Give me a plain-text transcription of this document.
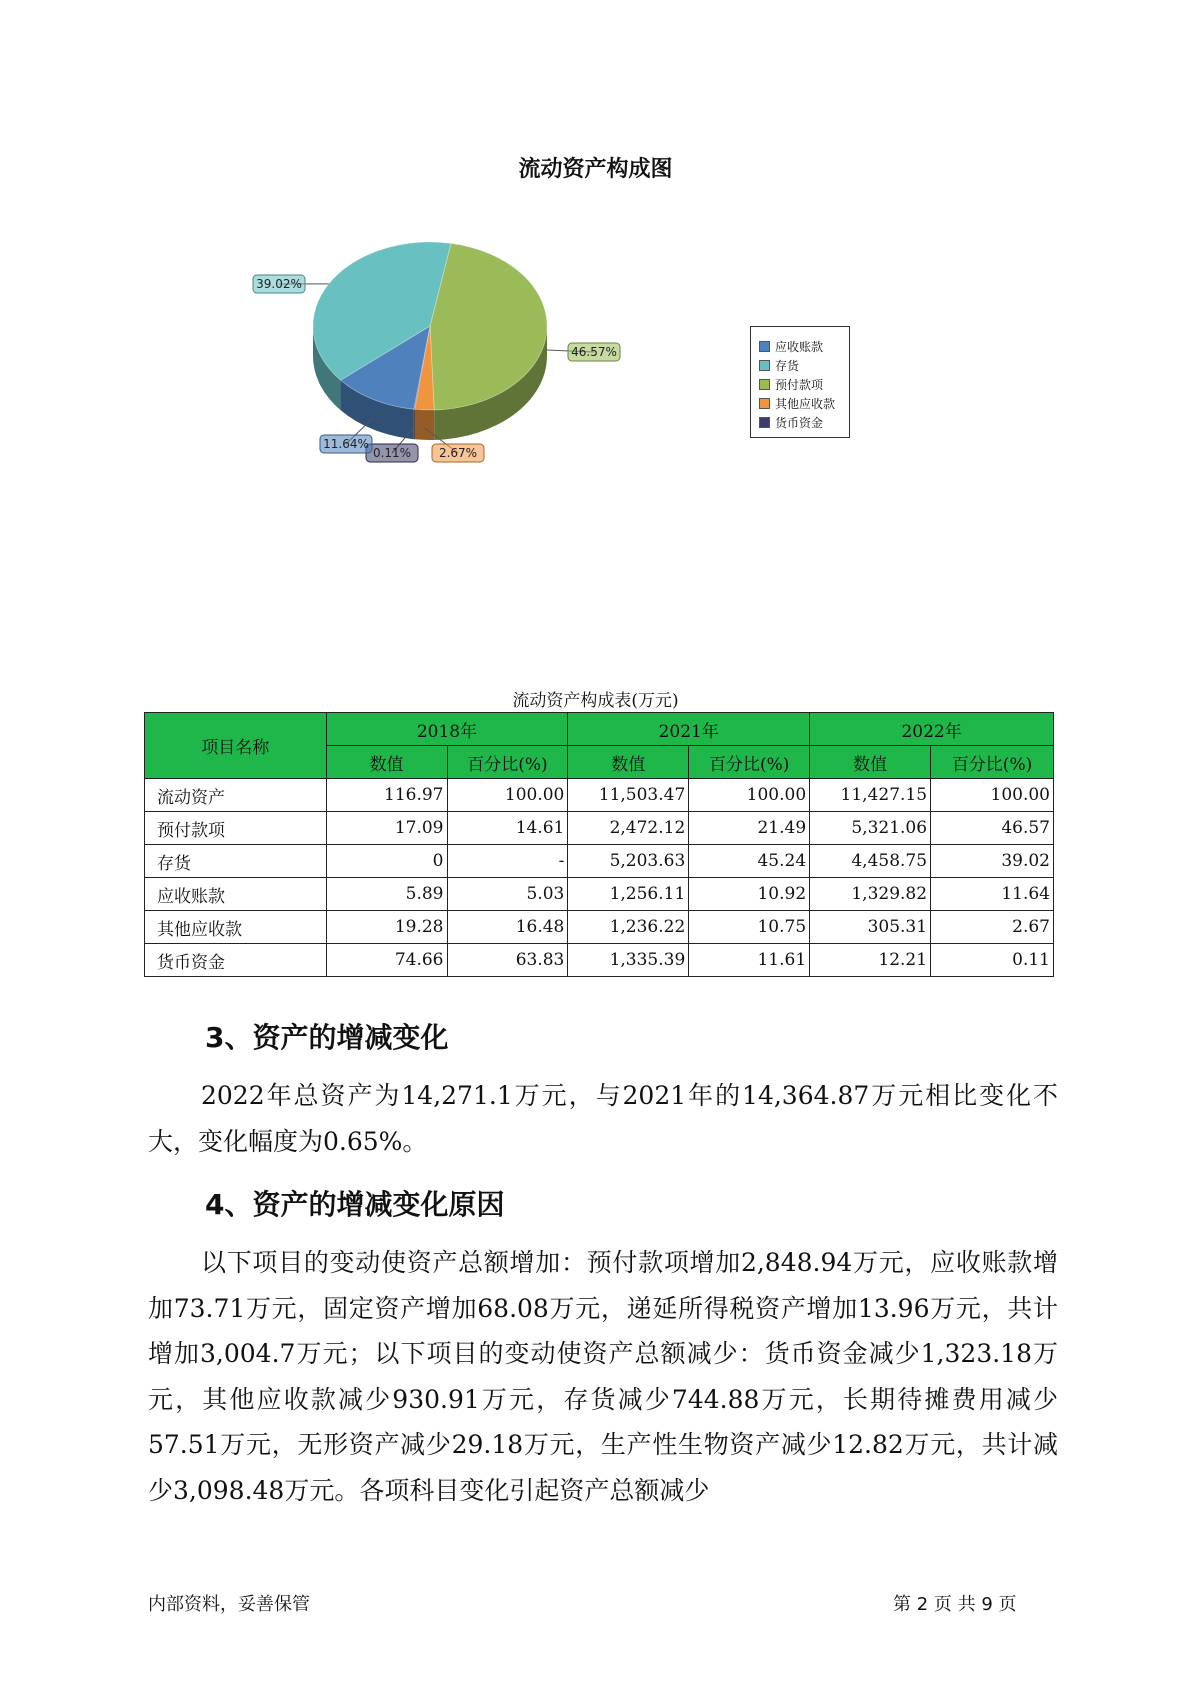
流动资产构成图
46.57%
2.67%
0.11%
11.64%
39.02%
应收账款
存货
预付款项
其他应收款
货币资金
流动资产构成表(万元)
项目名称	2018年		2021年		2022年	
	数值	百分比(%)	数值	百分比(%)	数值	百分比(%)
流动资产	116.97	100.00	11,503.47	100.00	11,427.15	100.00
预付款项	17.09	14.61	2,472.12	21.49	5,321.06	46.57
存货	0	-	5,203.63	45.24	4,458.75	39.02
应收账款	5.89	5.03	1,256.11	10.92	1,329.82	11.64
其他应收款	19.28	16.48	1,236.22	10.75	305.31	2.67
货币资金	74.66	63.83	1,335.39	11.61	12.21	0.11
3、资产的增减变化
2022年总资产为14,271.1万元，与2021年的14,364.87万元相比变化不大，变化幅度为0.65%。
4、资产的增减变化原因
以下项目的变动使资产总额增加：预付款项增加2,848.94万元，应收账款增加73.71万元，固定资产增加68.08万元，递延所得税资产增加13.96万元，共计增加3,004.7万元；以下项目的变动使资产总额减少：货币资金减少1,323.18万元，其他应收款减少930.91万元，存货减少744.88万元，长期待摊费用减少57.51万元，无形资产减少29.18万元，生产性生物资产减少12.82万元，共计减少3,098.48万元。各项科目变化引起资产总额减少
内部资料，妥善保管	第 2 页 共 9 页
